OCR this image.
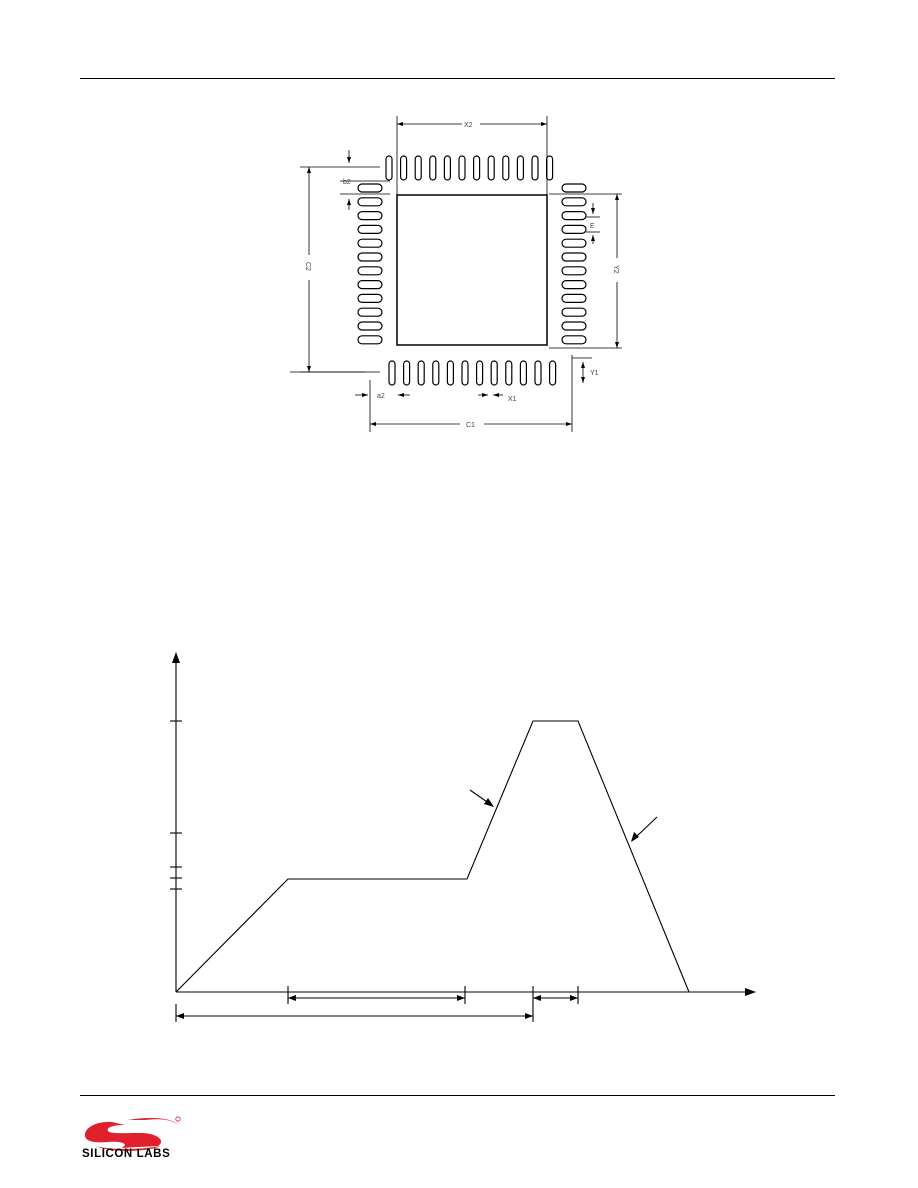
X2
b2
C2
E
Y2
Y1
a2	X1
C1
SILICON LABS
